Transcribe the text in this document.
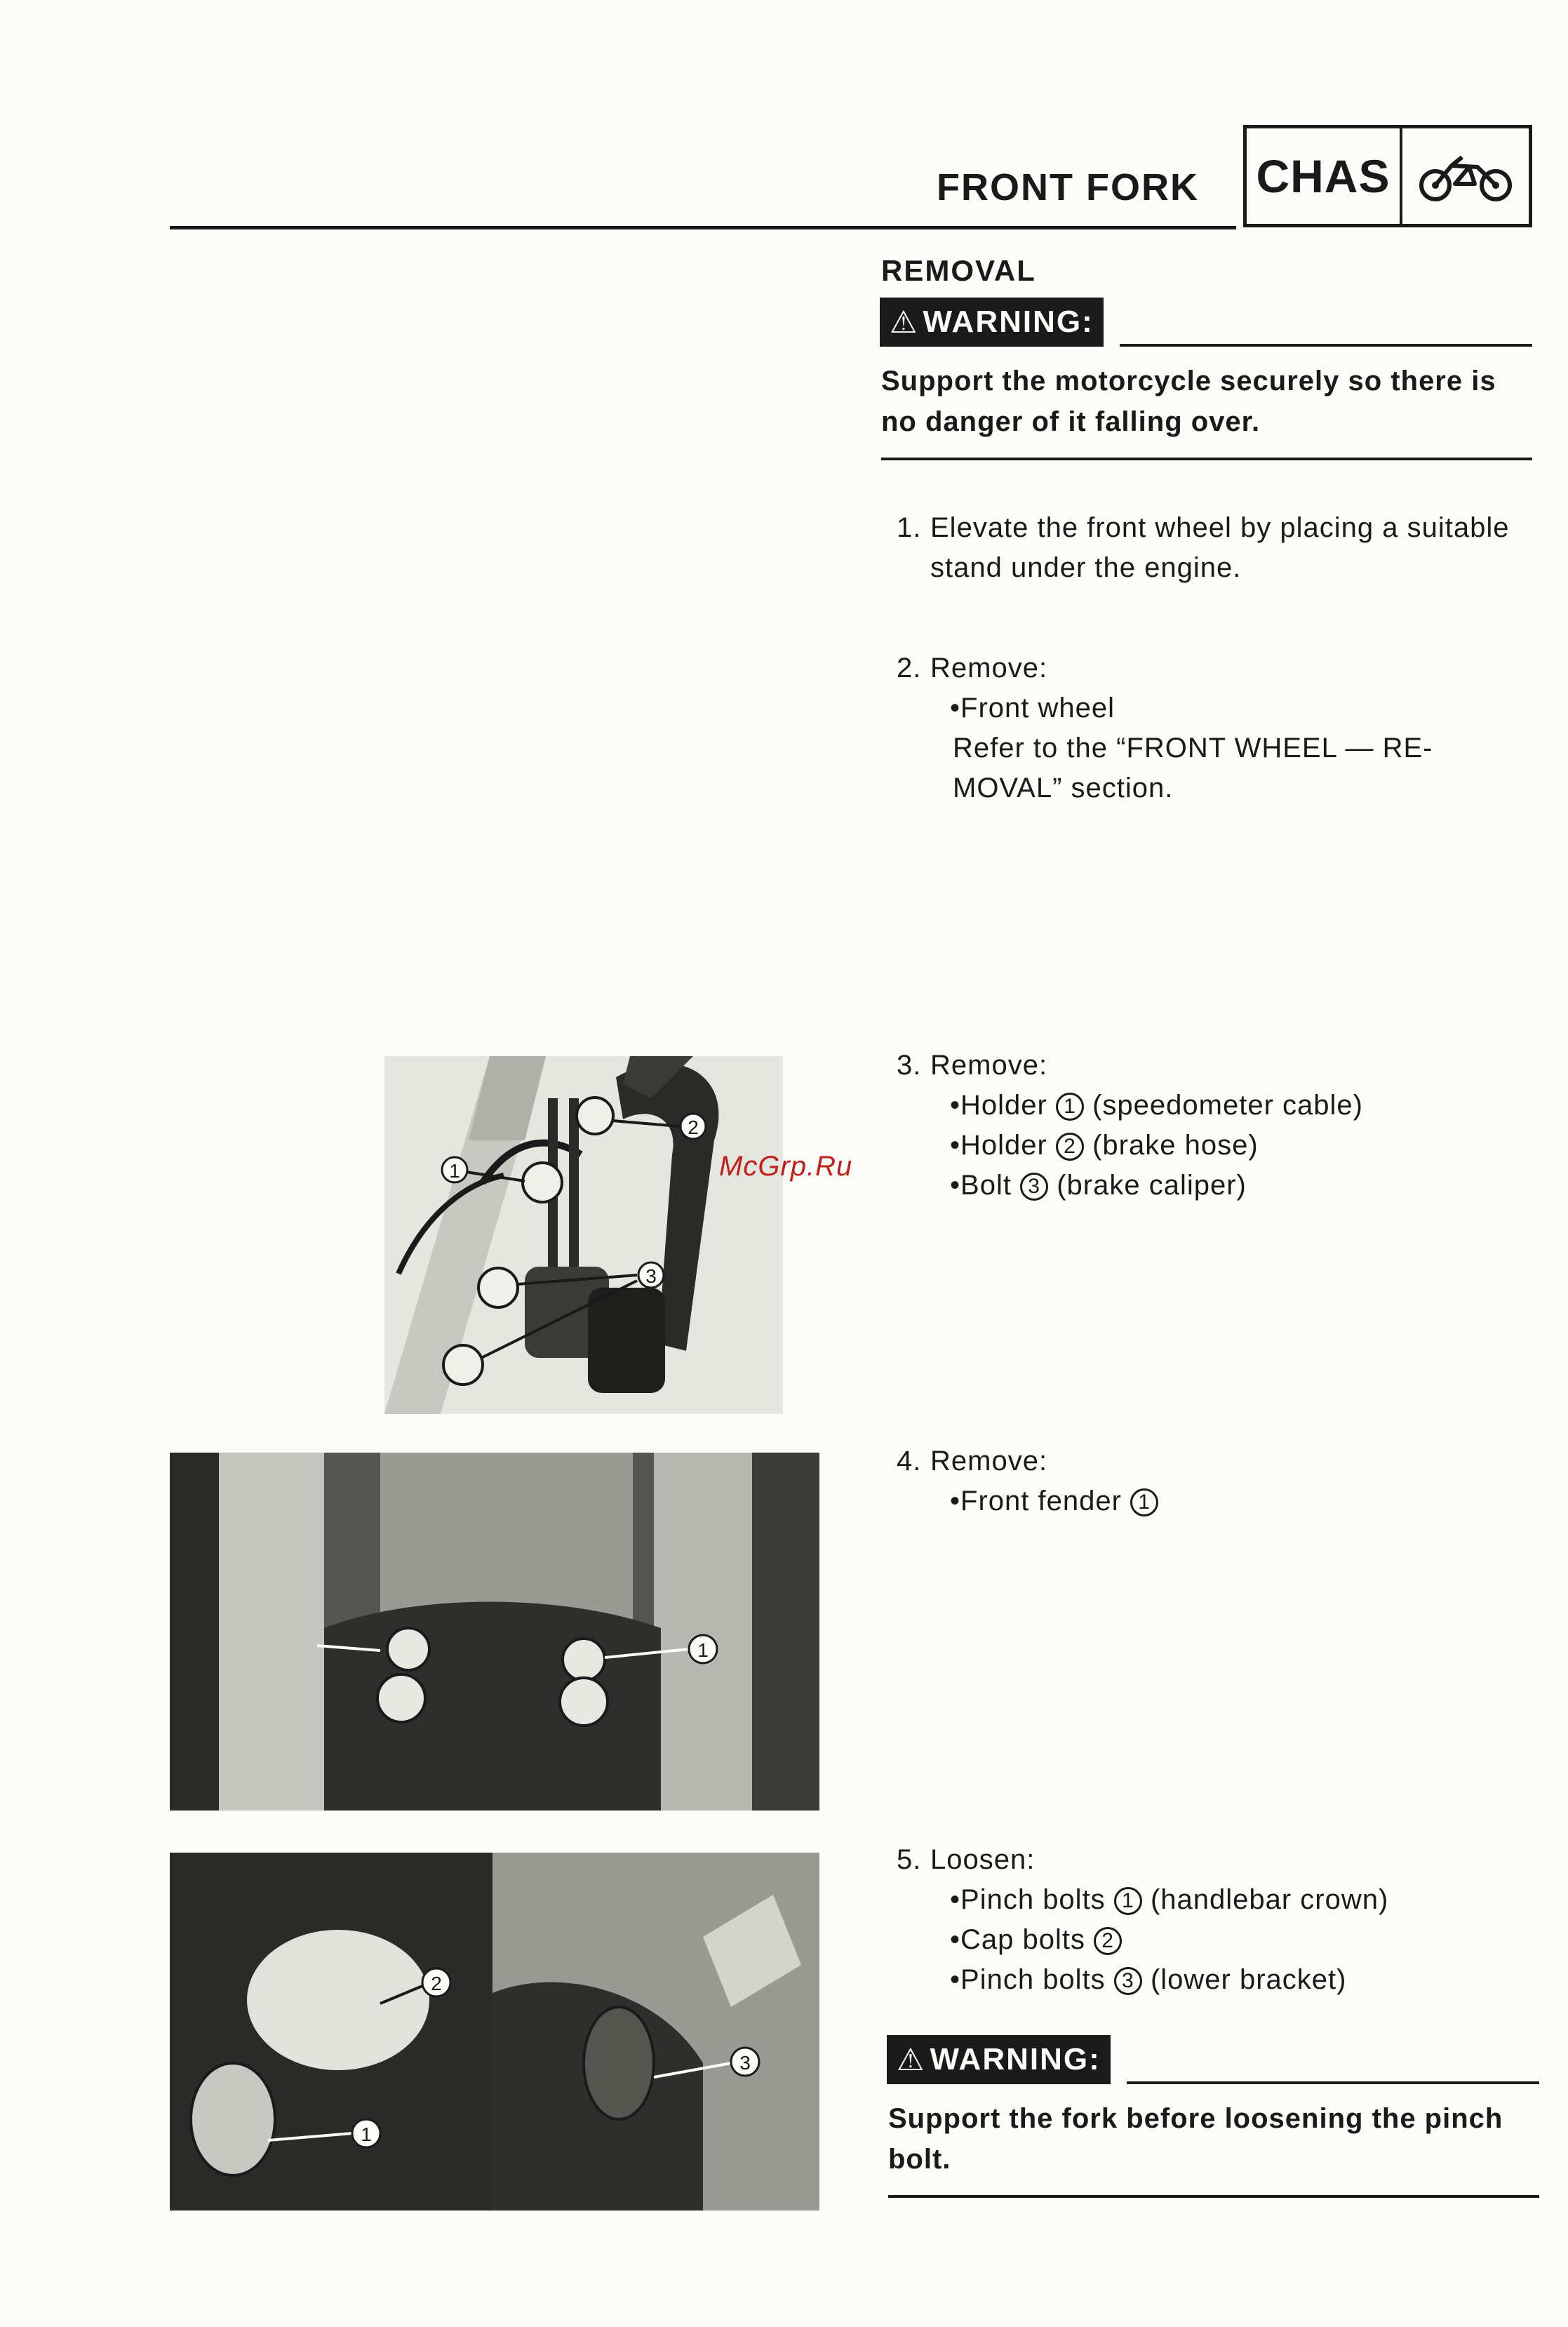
FRONT FORK CHAS
REMOVAL
⚠ WARNING:
Support the motorcycle securely so there is
no danger of it falling over.
1. Elevate the front wheel by placing a suitable
stand under the engine.
2. Remove:
•Front wheel
Refer to the “FRONT WHEEL — RE-
MOVAL” section.
3. Remove:
•Holder 1 (speedometer cable)
•Holder 2 (brake hose)
•Bolt 3 (brake caliper)
4. Remove:
•Front fender 1
5. Loosen:
•Pinch bolts 1 (handlebar crown)
•Cap bolts 2
•Pinch bolts 3 (lower bracket)
⚠ WARNING:
Support the fork before loosening the pinch
bolt.
1
2
3
1
2
1
3
McGrp.Ru
